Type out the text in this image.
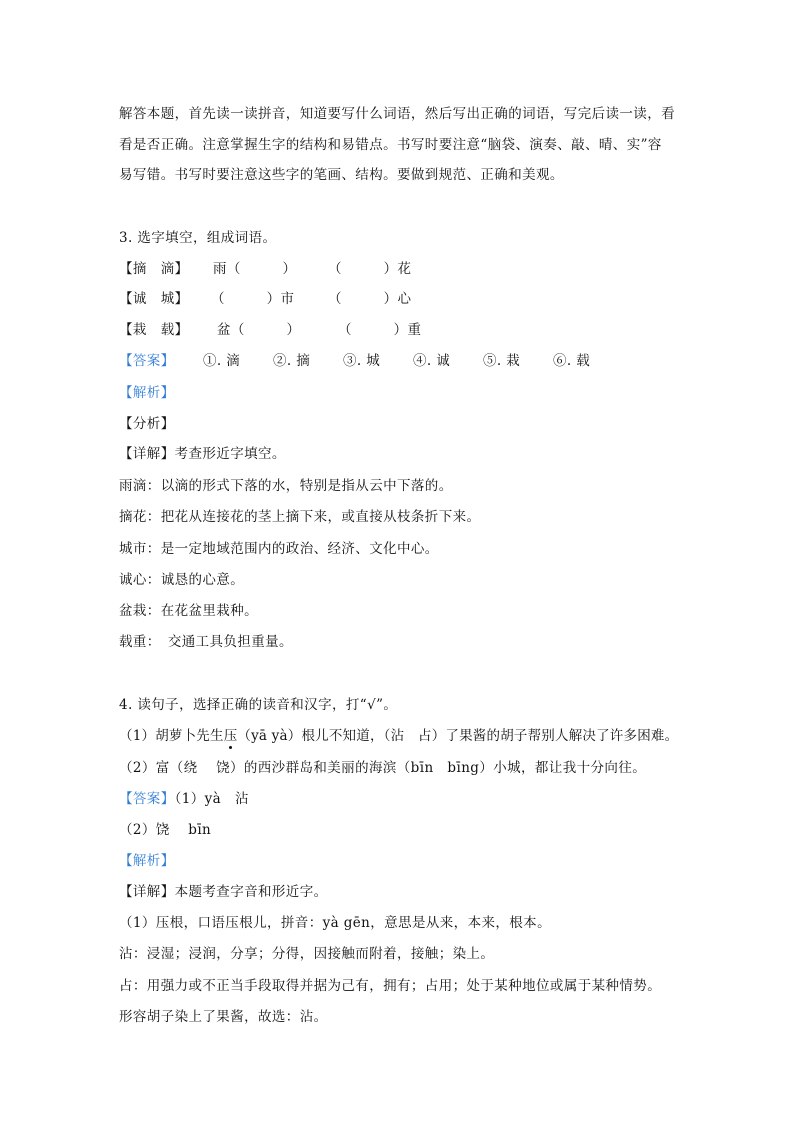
解答本题，首先读一读拼音，知道要写什么词语，然后写出正确的词语，写完后读一读，看
看是否正确。注意掌握生字的结构和易错点。书写时要注意“脑袋、演奏、敲、晴、实”容
易写错。书写时要注意这些字的笔画、结构。要做到规范、正确和美观。
3. 选字填空，组成词语。
【摘　滴】 雨（　　　） （　　　）花
【诚　城】 （　　　）市 （　　　）心
【栽　载】 盆（　　　）	（　　　）重
【答案】 ①. 滴 ②. 摘 ③. 城 ④. 诚 ⑤. 栽 ⑥. 载
【解析】
【分析】
【详解】考查形近字填空。
雨滴：以滴的形式下落的水，特别是指从云中下落的。
摘花：把花从连接花的茎上摘下来，或直接从枝条折下来。
城市：是一定地域范围内的政治、经济、文化中心。
诚心：诚恳的心意。
盆栽：在花盆里栽种。
载重：　交通工具负担重量。
4. 读句子，选择正确的读音和汉字，打“√”。
（1）胡萝卜先生压（yā yà）根儿不知道，（沾　占）了果酱的胡子帮别人解决了许多困难。
（2）富（绕　 饶）的西沙群岛和美丽的海滨（bīn　bīng）小城，都让我十分向往。
【答案】（1）yà　沾
（2）饶　 bīn
【解析】
【详解】本题考查字音和形近字。
（1）压根，口语压根儿，拼音：yà gēn，意思是从来，本来，根本。
沾：浸湿；浸润，分享；分得，因接触而附着，接触；染上。
占：用强力或不正当手段取得并据为己有，拥有；占用；处于某种地位或属于某种情势。
形容胡子染上了果酱，故选：沾。
